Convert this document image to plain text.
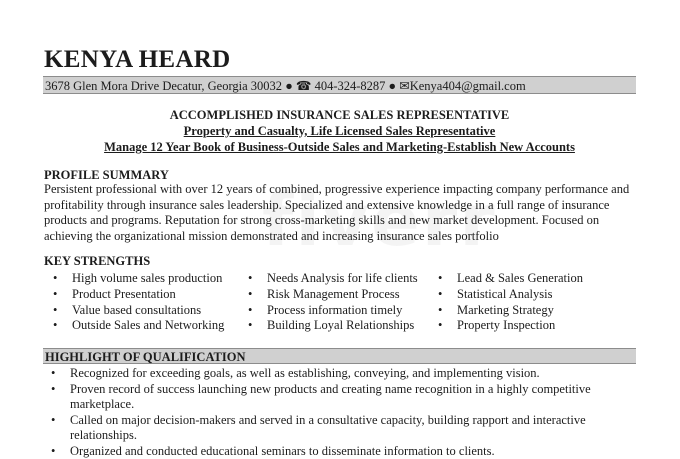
KENYA HEARD
3678 Glen Mora Drive Decatur, Georgia 30032 ● ☎ 404-324-8287 ● ✉Kenya404@gmail.com
ACCOMPLISHED INSURANCE SALES REPRESENTATIVE
Property and Casualty, Life Licensed Sales Representative
Manage 12 Year Book of Business-Outside Sales and Marketing-Establish New Accounts
PROFILE SUMMARY
Persistent professional with over 12 years of combined, progressive experience impacting company performance and profitability through insurance sales leadership. Specialized and extensive knowledge in a full range of insurance products and programs. Reputation for strong cross-marketing skills and new market development. Focused on achieving the organizational mission demonstrated and increasing insurance sales portfolio
KEY STRENGTHS
• High volume sales production
• Product Presentation
• Value based consultations
• Outside Sales and Networking
• Needs Analysis for life clients
• Risk Management Process
• Process information timely
• Building Loyal Relationships
• Lead & Sales Generation
• Statistical Analysis
• Marketing Strategy
• Property Inspection
HIGHLIGHT OF QUALIFICATION
• Recognized for exceeding goals, as well as establishing, conveying, and implementing vision.
• Proven record of success launching new products and creating name recognition in a highly competitive marketplace.
• Called on major decision-makers and served in a consultative capacity, building rapport and interactive relationships.
• Organized and conducted educational seminars to disseminate information to clients.
